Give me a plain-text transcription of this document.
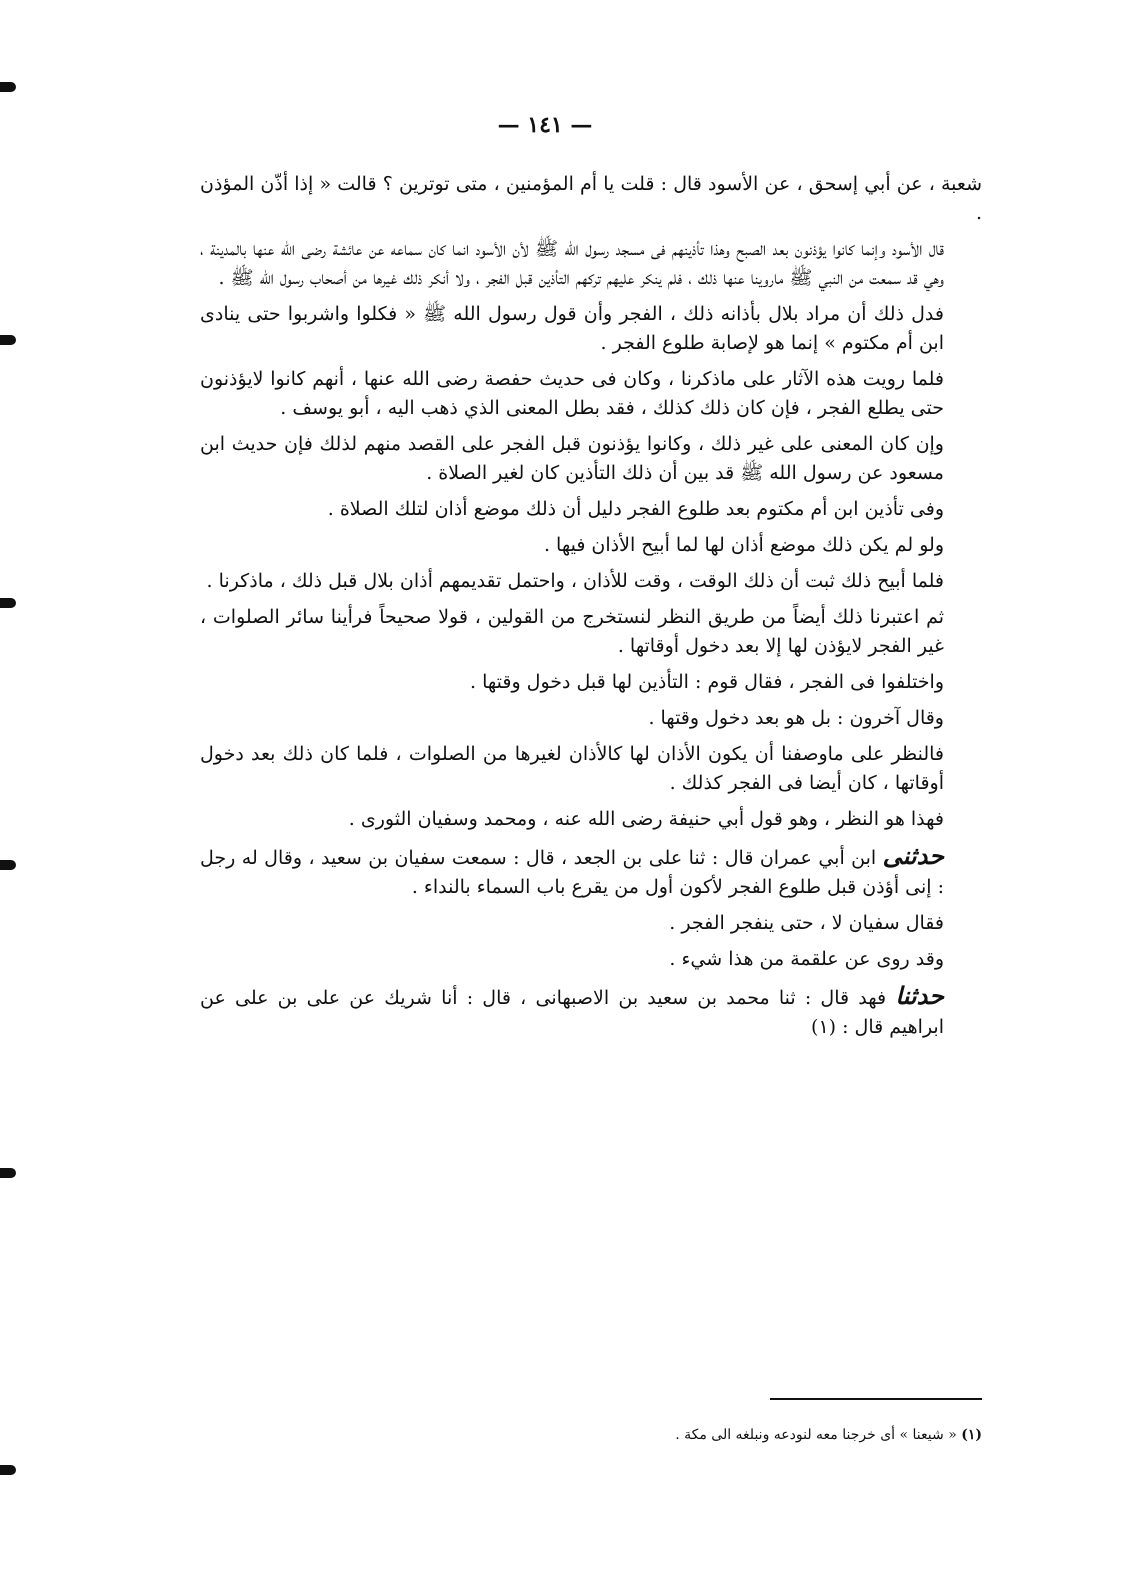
— ١٤١ —

شعبة ، عن أبي إسحق ، عن الأسود قال : قلت يا أم المؤمنين ، متى توترين ؟ قالت « إذا أذّن المؤذن .

قال الأسود وإنما كانوا يؤذنون بعد الصبح وهذا تأذينهم فى مسجد رسول الله ﷺ لأن الأسود انما كان سماعه عن عائشة رضى الله عنها بالمدينة ، وهي قد سمعت من النبي ﷺ ماروينا عنها ذلك ، فلم ينكر عليهم تركهم التأذين قبل الفجر ، ولا أنكر ذلك غيرها من أصحاب رسول الله ﷺ .

فدل ذلك أن مراد بلال بأذانه ذلك ، الفجر وأن قول رسول الله ﷺ « فكلوا واشربوا حتى ينادى ابن أم مكتوم » إنما هو لإصابة طلوع الفجر .

فلما رويت هذه الآثار على ماذكرنا ، وكان فى حديث حفصة رضى الله عنها ، أنهم كانوا لايؤذنون حتى يطلع الفجر ، فإن كان ذلك كذلك ، فقد بطل المعنى الذي ذهب اليه ، أبو يوسف .

وإن كان المعنى على غير ذلك ، وكانوا يؤذنون قبل الفجر على القصد منهم لذلك فإن حديث ابن مسعود عن رسول الله ﷺ قد بين أن ذلك التأذين كان لغير الصلاة .

وفى تأذين ابن أم مكتوم بعد طلوع الفجر دليل أن ذلك موضع أذان لتلك الصلاة .

ولو لم يكن ذلك موضع أذان لها لما أبيح الأذان فيها .

فلما أبيح ذلك ثبت أن ذلك الوقت ، وقت للأذان ، واحتمل تقديمهم أذان بلال قبل ذلك ، ماذكرنا .

ثم اعتبرنا ذلك أيضاً من طريق النظر لنستخرج من القولين ، قولا صحيحاً فرأينا سائر الصلوات ، غير الفجر لايؤذن لها إلا بعد دخول أوقاتها .

واختلفوا فى الفجر ، فقال قوم : التأذين لها قبل دخول وقتها .

وقال آخرون : بل هو بعد دخول وقتها .

فالنظر على ماوصفنا أن يكون الأذان لها كالأذان لغيرها من الصلوات ، فلما كان ذلك بعد دخول أوقاتها ، كان أيضا فى الفجر كذلك .

فهذا هو النظر ، وهو قول أبي حنيفة رضى الله عنه ، ومحمد وسفيان الثورى .

حدثنى ابن أبي عمران قال : ثنا على بن الجعد ، قال : سمعت سفيان بن سعيد ، وقال له رجل : إنى أؤذن قبل طلوع الفجر لأكون أول من يقرع باب السماء بالنداء .

فقال سفيان لا ، حتى ينفجر الفجر .

وقد روى عن علقمة من هذا شيء .

حدثنا فهد قال : ثنا محمد بن سعيد بن الاصبهانى ، قال : أنا شريك عن على بن على عن ابراهيم قال : (١)

(١) « شيعنا » أى خرجنا معه لنودعه ونبلغه الى مكة .
